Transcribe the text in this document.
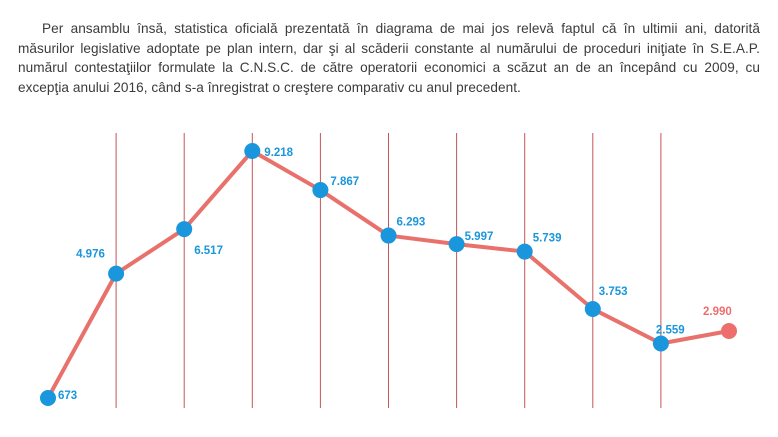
Per ansamblu însă, statistica oficială prezentată în diagrama de mai jos relevă faptul că în ultimii ani, datorită măsurilor legislative adoptate pe plan intern, dar şi al scăderii constante al numărului de proceduri iniţiate în S.E.A.P. numărul contestaţiilor formulate la C.N.S.C. de către operatorii economici a scăzut an de an începând cu 2009, cu excepţia anului 2016, când s-a înregistrat o creştere comparativ cu anul precedent.
673
4.976	6.517
9.218
7.867
6.293
5.997	5.739
3.753
2.559
2.990
